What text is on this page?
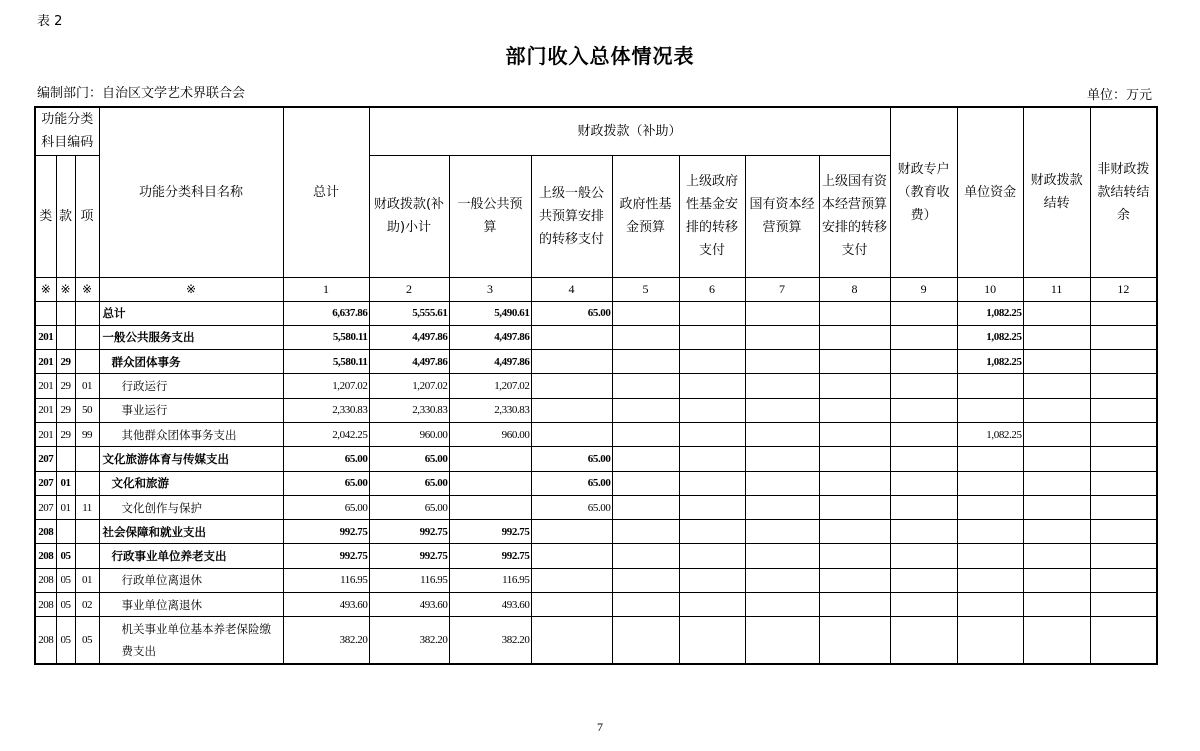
表 2
部门收入总体情况表
编制部门：自治区文学艺术界联合会	单位：万元
功能分类科目编码			功能分类科目名称	总计	财政拨款（补助）							财政专户（教育收费）	单位资金	财政拨款结转	非财政拨款结转结余
类	款	项			财政拨款(补助)小计	一般公共预算	上级一般公共预算安排的转移支付	政府性基金预算	上级政府性基金安排的转移支付	国有资本经营预算	上级国有资本经营预算安排的转移支付				
※	※	※	※	1	2	3	4	5	6	7	8	9	10	11	12
			总计	6,637.86	5,555.61	5,490.61	65.00						1,082.25		
201			一般公共服务支出	5,580.11	4,497.86	4,497.86							1,082.25		
201	29		群众团体事务	5,580.11	4,497.86	4,497.86							1,082.25		
201	29	01	行政运行	1,207.02	1,207.02	1,207.02									
201	29	50	事业运行	2,330.83	2,330.83	2,330.83									
201	29	99	其他群众团体事务支出	2,042.25	960.00	960.00							1,082.25		
207			文化旅游体育与传媒支出	65.00	65.00		65.00								
207	01		文化和旅游	65.00	65.00		65.00								
207	01	11	文化创作与保护	65.00	65.00		65.00								
208			社会保障和就业支出	992.75	992.75	992.75									
208	05		行政事业单位养老支出	992.75	992.75	992.75									
208	05	01	行政单位离退休	116.95	116.95	116.95									
208	05	02	事业单位离退休	493.60	493.60	493.60									
208	05	05	机关事业单位基本养老保险缴费支出	382.20	382.20	382.20									
7
